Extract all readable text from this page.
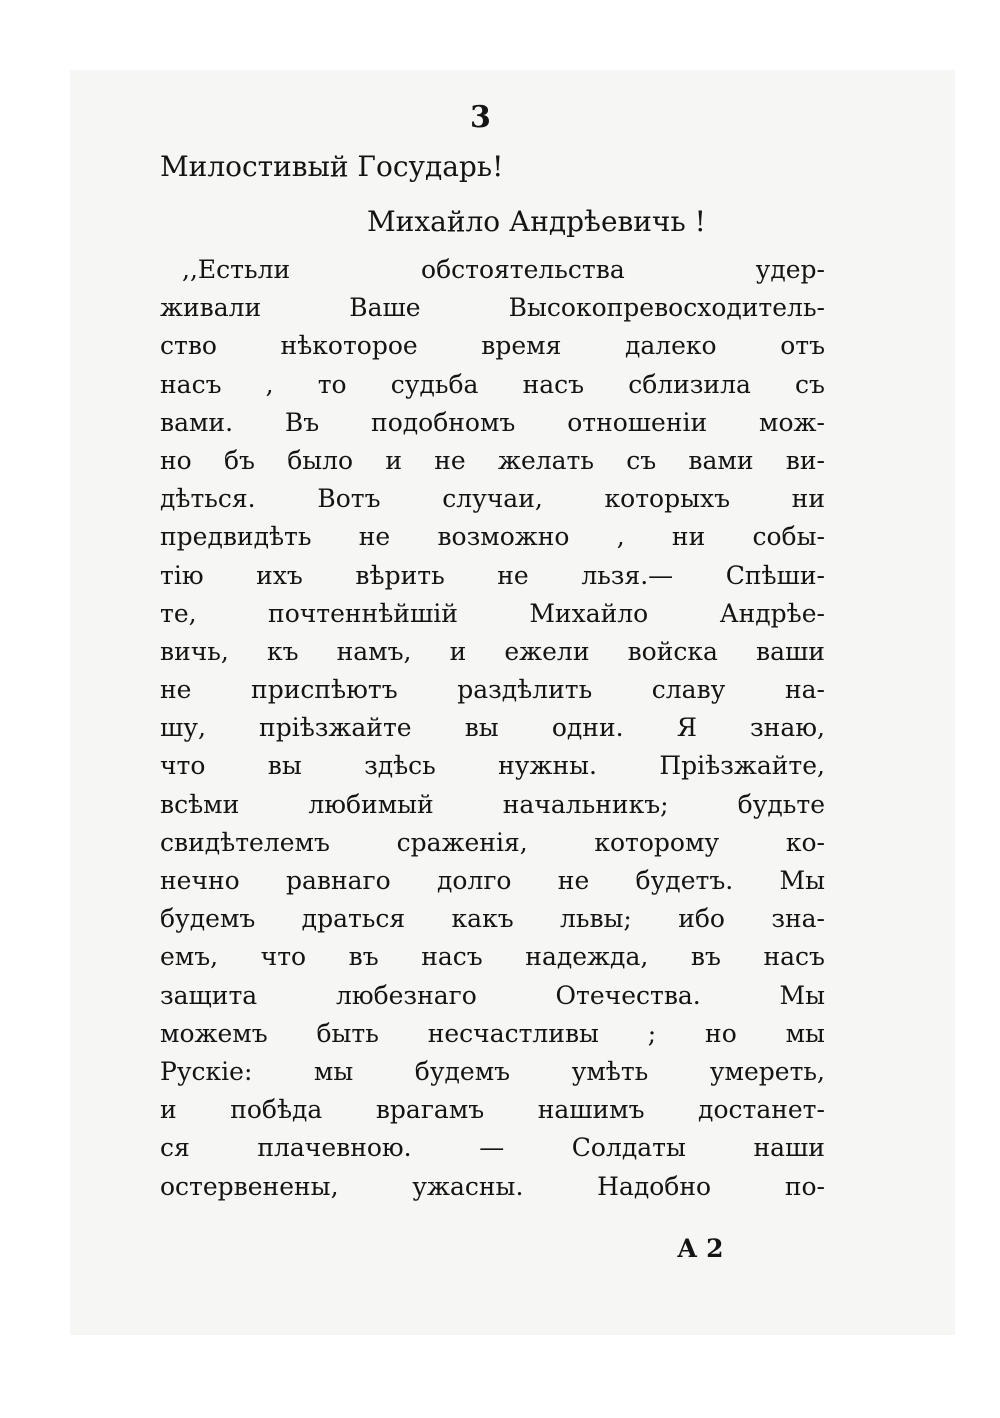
3
Милостивый Государь!
Михайло Андрѣевичь !
,,Естьли	обстоятельства	удер-
живали	Ваше	Высокопревосходитель-
ство	нѣкоторое	время	далеко	отъ
насъ , то судьба насъ сблизила съ
вами. Въ подобномъ отношеніи мож-
но бъ было и не желать съ вами ви-
дѣться. Вотъ случаи, которыхъ ни
предвидѣть не возможно , ни собы-
тію ихъ вѣрить не льзя.— Спѣши-
те,	почтеннѣйшій	Михайло	Андрѣе-
вичь, къ намъ, и ежели войска ваши
не приспѣютъ раздѣлить славу на-
шу, пріѣзжайте вы одни. Я знаю,
что вы здѣсь нужны. Пріѣзжайте,
всѣми	любимый	начальникъ;	будьте
свидѣтелемъ	сраженія,	которому	ко-
нечно равнаго долго не будетъ. Мы
будемъ драться какъ львы; ибо зна-
емъ, что въ насъ надежда, въ насъ
защита	любезнаго	Отечества.	Мы
можемъ быть несчастливы ; но мы
Рускіе: мы будемъ умѣть умереть,
и побѣда врагамъ нашимъ достанет-
ся	плачевною.	—	Солдаты	наши
остервенены,	ужасны.	Надобно	по-
А 2
